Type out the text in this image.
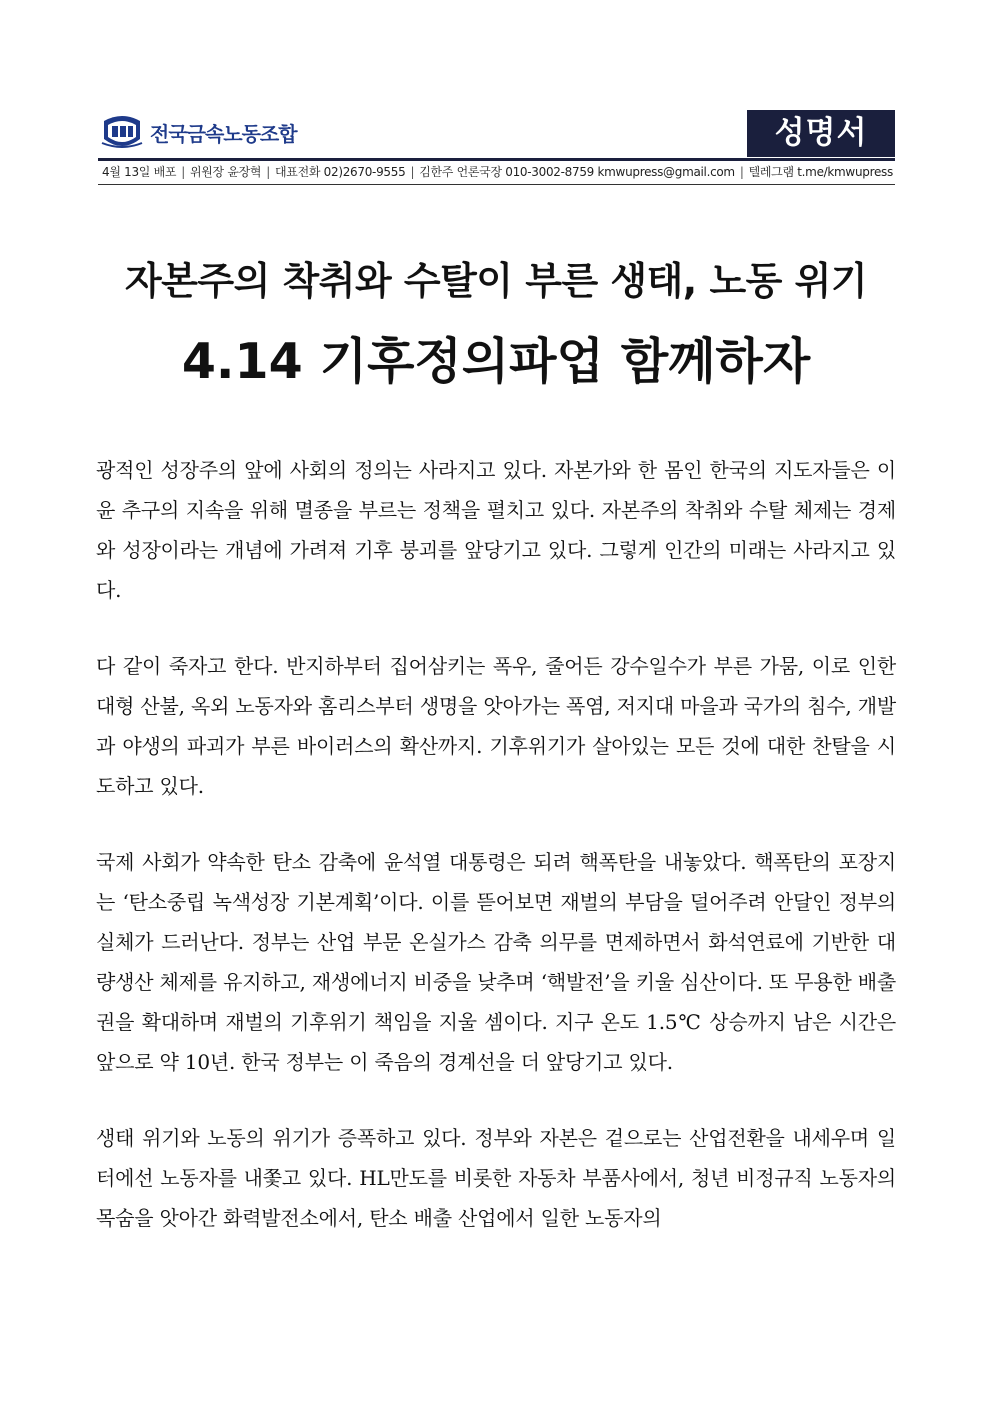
전국금속노동조합	성명서
4월 13일 배포 | 위원장 윤장혁 | 대표전화 02)2670-9555 | 김한주 언론국장 010-3002-8759 kmwupress@gmail.com | 텔레그램 t.me/kmwupress
자본주의 착취와 수탈이 부른 생태, 노동 위기
4.14 기후정의파업 함께하자

광적인 성장주의 앞에 사회의 정의는 사라지고 있다. 자본가와 한 몸인 한국의 지도자들은 이윤 추구의 지속을 위해 멸종을 부르는 정책을 펼치고 있다. 자본주의 착취와 수탈 체제는 경제와 성장이라는 개념에 가려져 기후 붕괴를 앞당기고 있다. 그렇게 인간의 미래는 사라지고 있다.

다 같이 죽자고 한다. 반지하부터 집어삼키는 폭우, 줄어든 강수일수가 부른 가뭄, 이로 인한 대형 산불, 옥외 노동자와 홈리스부터 생명을 앗아가는 폭염, 저지대 마을과 국가의 침수, 개발과 야생의 파괴가 부른 바이러스의 확산까지. 기후위기가 살아있는 모든 것에 대한 찬탈을 시도하고 있다.

국제 사회가 약속한 탄소 감축에 윤석열 대통령은 되려 핵폭탄을 내놓았다. 핵폭탄의 포장지는 ‘탄소중립 녹색성장 기본계획’이다. 이를 뜯어보면 재벌의 부담을 덜어주려 안달인 정부의 실체가 드러난다. 정부는 산업 부문 온실가스 감축 의무를 면제하면서 화석연료에 기반한 대량생산 체제를 유지하고, 재생에너지 비중을 낮추며 ‘핵발전’을 키울 심산이다. 또 무용한 배출권을 확대하며 재벌의 기후위기 책임을 지울 셈이다. 지구 온도 1.5℃ 상승까지 남은 시간은 앞으로 약 10년. 한국 정부는 이 죽음의 경계선을 더 앞당기고 있다.

생태 위기와 노동의 위기가 증폭하고 있다. 정부와 자본은 겉으로는 산업전환을 내세우며 일터에선 노동자를 내쫓고 있다. HL만도를 비롯한 자동차 부품사에서, 청년 비정규직 노동자의 목숨을 앗아간 화력발전소에서, 탄소 배출 산업에서 일한 노동자의
